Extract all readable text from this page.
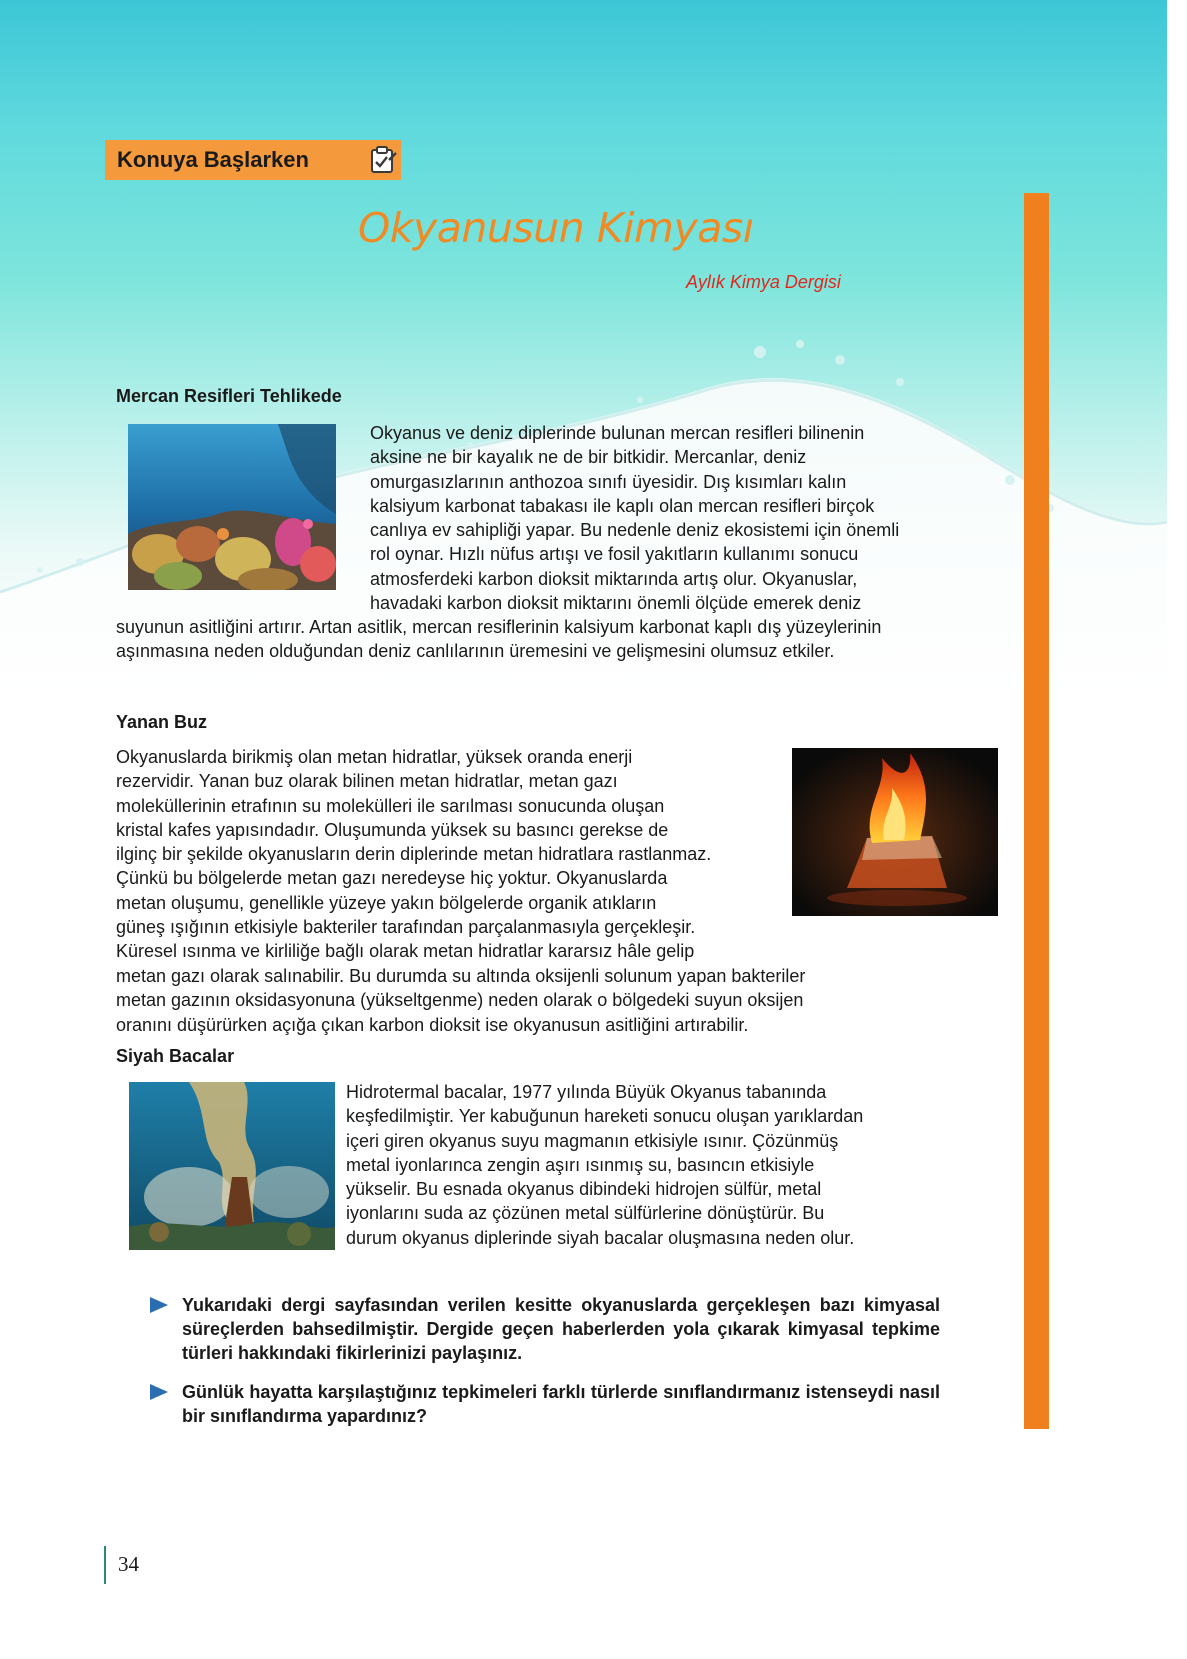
Konuya Başlarken
Okyanusun Kimyası
Aylık Kimya Dergisi
Mercan Resifleri Tehlikede
Okyanus ve deniz diplerinde bulunan mercan resifleri bilinenin
aksine ne bir kayalık ne de bir bitkidir. Mercanlar, deniz
omurgasızlarının anthozoa sınıfı üyesidir. Dış kısımları kalın
kalsiyum karbonat tabakası ile kaplı olan mercan resifleri birçok
canlıya ev sahipliği yapar. Bu nedenle deniz ekosistemi için önemli
rol oynar. Hızlı nüfus artışı ve fosil yakıtların kullanımı sonucu
atmosferdeki karbon dioksit miktarında artış olur. Okyanuslar,
havadaki karbon dioksit miktarını önemli ölçüde emerek deniz
suyunun asitliğini artırır. Artan asitlik, mercan resiflerinin kalsiyum karbonat kaplı dış yüzeylerinin
aşınmasına neden olduğundan deniz canlılarının üremesini ve gelişmesini olumsuz etkiler.
Yanan Buz
Okyanuslarda birikmiş olan metan hidratlar, yüksek oranda enerji
rezervidir. Yanan buz olarak bilinen metan hidratlar, metan gazı
moleküllerinin etrafının su molekülleri ile sarılması sonucunda oluşan
kristal kafes yapısındadır. Oluşumunda yüksek su basıncı gerekse de
ilginç bir şekilde okyanusların derin diplerinde metan hidratlara rastlanmaz.
Çünkü bu bölgelerde metan gazı neredeyse hiç yoktur. Okyanuslarda
metan oluşumu, genellikle yüzeye yakın bölgelerde organik atıkların
güneş ışığının etkisiyle bakteriler tarafından parçalanmasıyla gerçekleşir.
Küresel ısınma ve kirliliğe bağlı olarak metan hidratlar kararsız hâle gelip
metan gazı olarak salınabilir. Bu durumda su altında oksijenli solunum yapan bakteriler
metan gazının oksidasyonuna (yükseltgenme) neden olarak o bölgedeki suyun oksijen
oranını düşürürken açığa çıkan karbon dioksit ise okyanusun asitliğini artırabilir.
Siyah Bacalar
Hidrotermal bacalar, 1977 yılında Büyük Okyanus tabanında
keşfedilmiştir. Yer kabuğunun hareketi sonucu oluşan yarıklardan
içeri giren okyanus suyu magmanın etkisiyle ısınır. Çözünmüş
metal iyonlarınca zengin aşırı ısınmış su, basıncın etkisiyle
yükselir. Bu esnada okyanus dibindeki hidrojen sülfür, metal
iyonlarını suda az çözünen metal sülfürlerine dönüştürür. Bu
durum okyanus diplerinde siyah bacalar oluşmasına neden olur.
Yukarıdaki dergi sayfasından verilen kesitte okyanuslarda gerçekleşen bazı kimyasal süreçlerden bahsedilmiştir. Dergide geçen haberlerden yola çıkarak kimyasal tepkime türleri hakkındaki fikirlerinizi paylaşınız.
Günlük hayatta karşılaştığınız tepkimeleri farklı türlerde sınıflandırmanız istenseydi nasıl bir sınıflandırma yapardınız?
34
